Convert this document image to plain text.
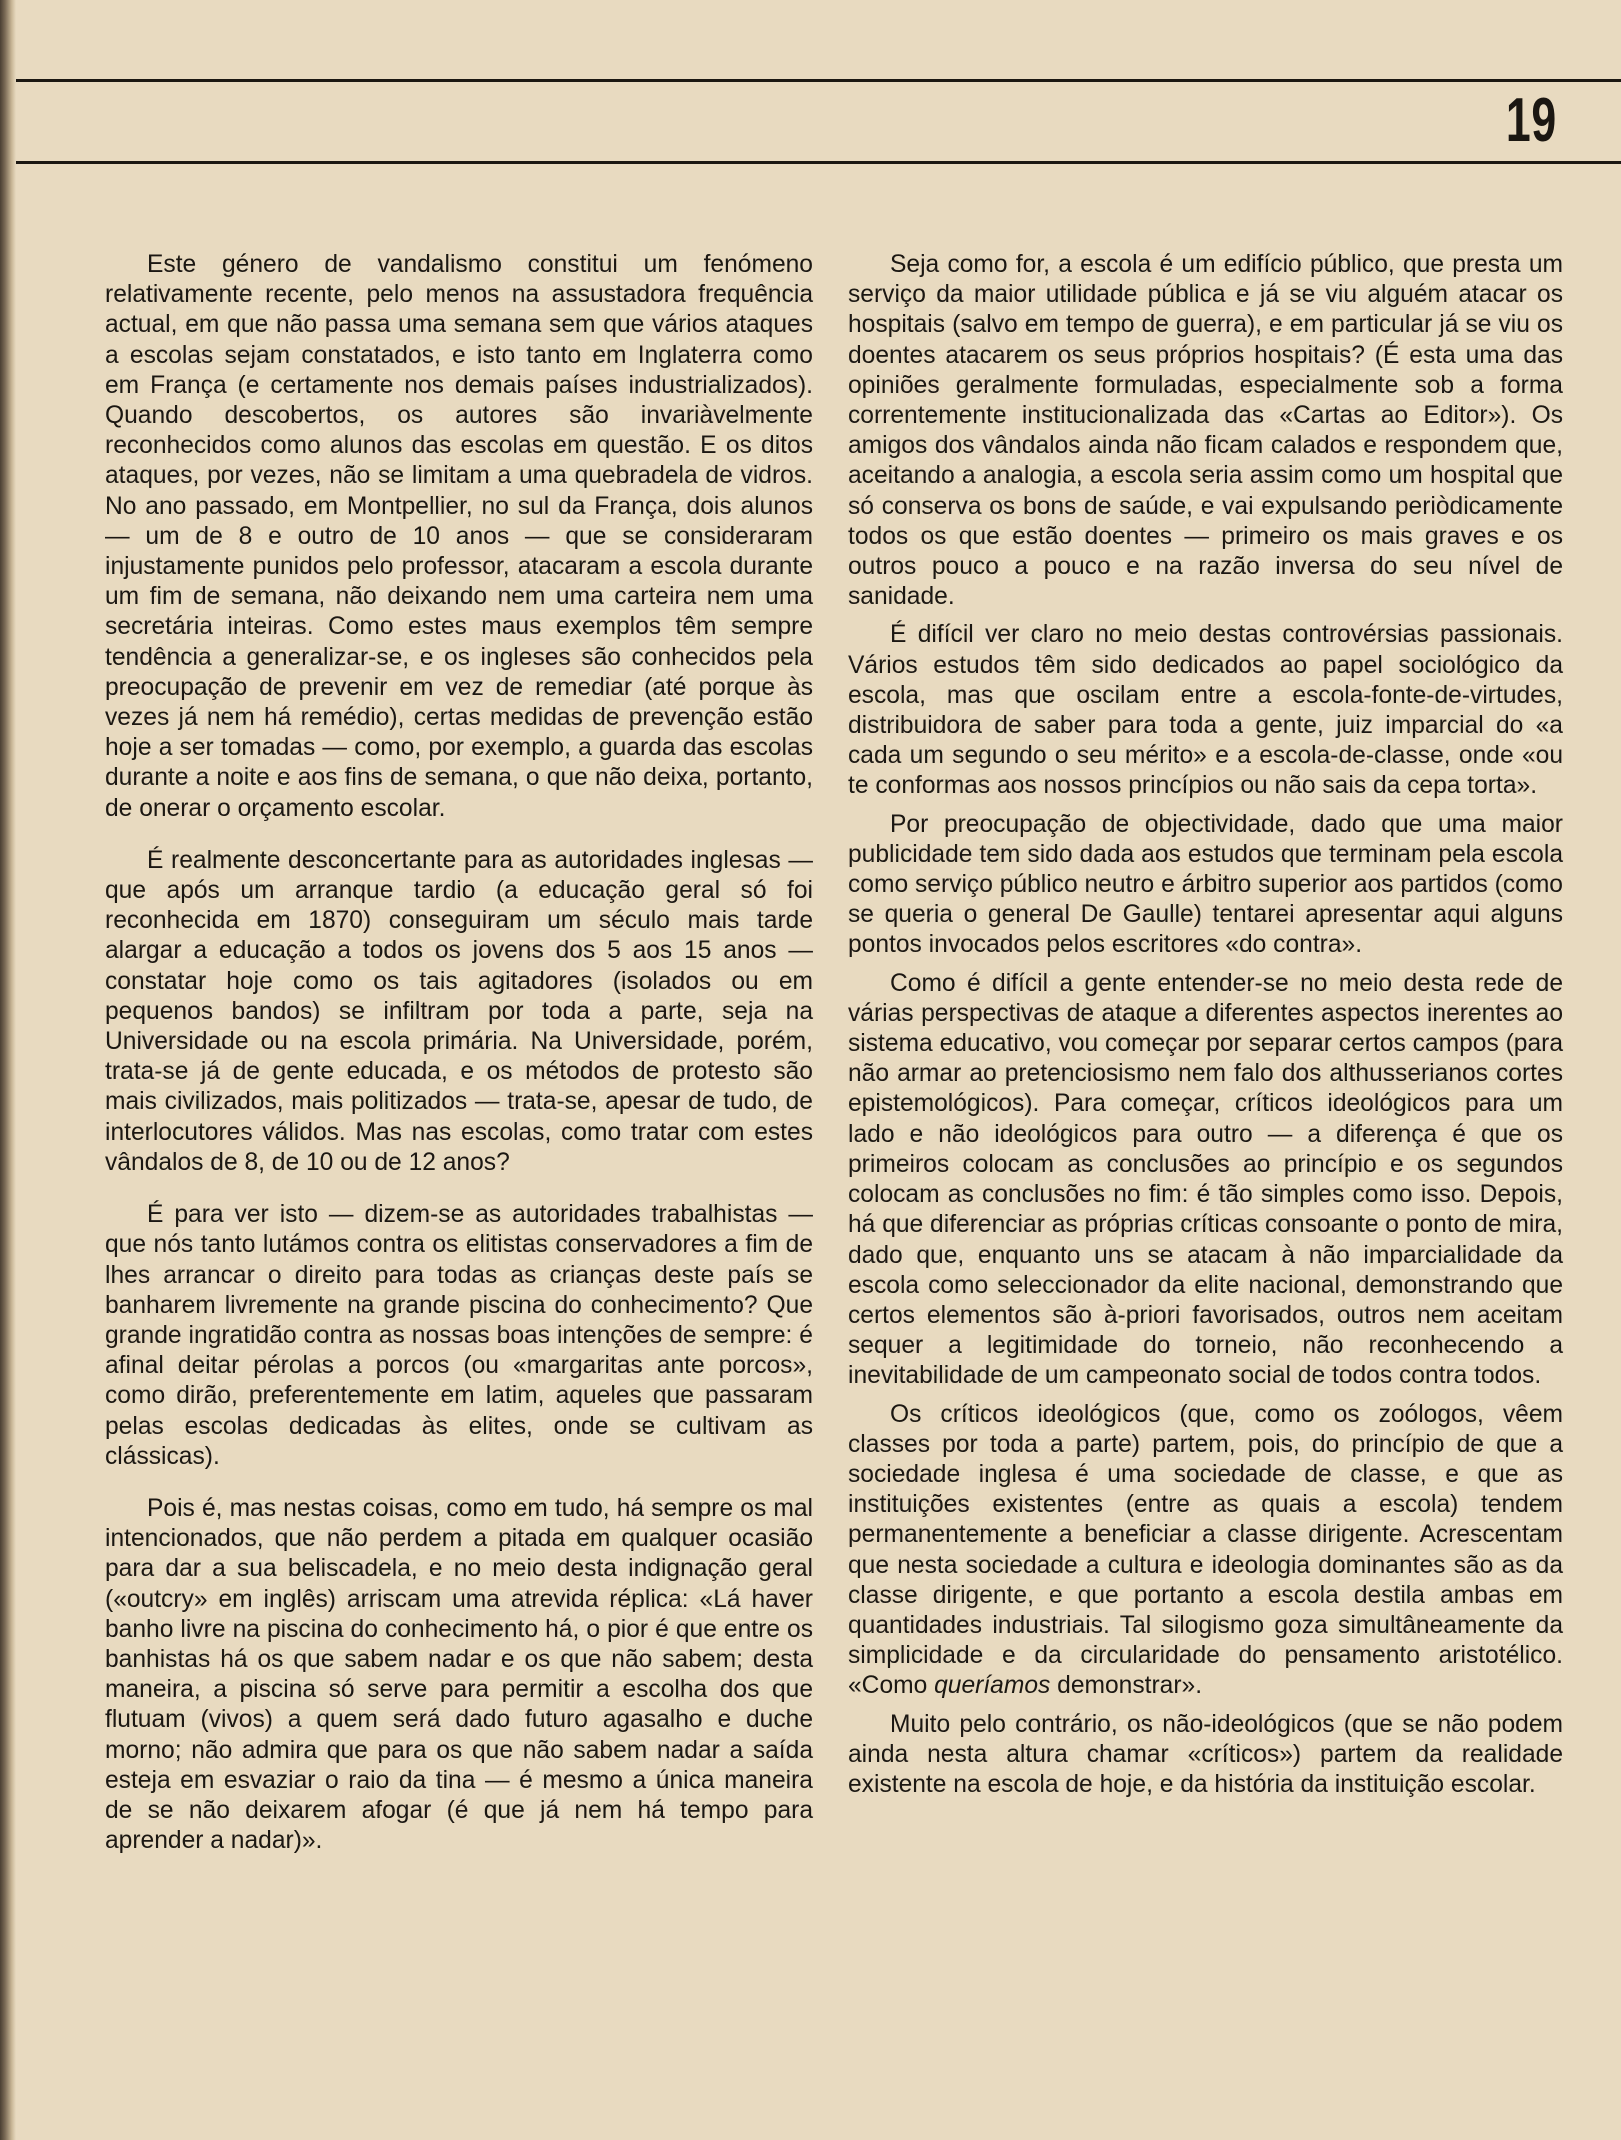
19

Este género de vandalismo constitui um fenómeno relativamente recente, pelo menos na assustadora frequência actual, em que não passa uma semana sem que vários ataques a escolas sejam constatados, e isto tanto em Inglaterra como em França (e certamente nos demais países industrializados). Quando descobertos, os autores são invariàvelmente reconhecidos como alunos das escolas em questão. E os ditos ataques, por vezes, não se limitam a uma quebradela de vidros. No ano passado, em Montpellier, no sul da França, dois alunos — um de 8 e outro de 10 anos — que se consideraram injustamente punidos pelo professor, atacaram a escola durante um fim de semana, não deixando nem uma carteira nem uma secretária inteiras. Como estes maus exemplos têm sempre tendência a generalizar-se, e os ingleses são conhecidos pela preocupação de prevenir em vez de remediar (até porque às vezes já nem há remédio), certas medidas de prevenção estão hoje a ser tomadas — como, por exemplo, a guarda das escolas durante a noite e aos fins de semana, o que não deixa, portanto, de onerar o orçamento escolar.

É realmente desconcertante para as autoridades inglesas — que após um arranque tardio (a educação geral só foi reconhecida em 1870) conseguiram um século mais tarde alargar a educação a todos os jovens dos 5 aos 15 anos — constatar hoje como os tais agitadores (isolados ou em pequenos bandos) se infiltram por toda a parte, seja na Universidade ou na escola primária. Na Universidade, porém, trata-se já de gente educada, e os métodos de protesto são mais civilizados, mais politizados — trata-se, apesar de tudo, de interlocutores válidos. Mas nas escolas, como tratar com estes vândalos de 8, de 10 ou de 12 anos?

É para ver isto — dizem-se as autoridades trabalhistas — que nós tanto lutámos contra os elitistas conservadores a fim de lhes arrancar o direito para todas as crianças deste país se banharem livremente na grande piscina do conhecimento? Que grande ingratidão contra as nossas boas intenções de sempre: é afinal deitar pérolas a porcos (ou «margaritas ante porcos», como dirão, preferentemente em latim, aqueles que passaram pelas escolas dedicadas às elites, onde se cultivam as clássicas).

Pois é, mas nestas coisas, como em tudo, há sempre os mal intencionados, que não perdem a pitada em qualquer ocasião para dar a sua beliscadela, e no meio desta indignação geral («outcry» em inglês) arriscam uma atrevida réplica: «Lá haver banho livre na piscina do conhecimento há, o pior é que entre os banhistas há os que sabem nadar e os que não sabem; desta maneira, a piscina só serve para permitir a escolha dos que flutuam (vivos) a quem será dado futuro agasalho e duche morno; não admira que para os que não sabem nadar a saída esteja em esvaziar o raio da tina — é mesmo a única maneira de se não deixarem afogar (é que já nem há tempo para aprender a nadar)».

Seja como for, a escola é um edifício público, que presta um serviço da maior utilidade pública e já se viu alguém atacar os hospitais (salvo em tempo de guerra), e em particular já se viu os doentes atacarem os seus próprios hospitais? (É esta uma das opiniões geralmente formuladas, especialmente sob a forma correntemente institucionalizada das «Cartas ao Editor»). Os amigos dos vândalos ainda não ficam calados e respondem que, aceitando a analogia, a escola seria assim como um hospital que só conserva os bons de saúde, e vai expulsando periòdicamente todos os que estão doentes — primeiro os mais graves e os outros pouco a pouco e na razão inversa do seu nível de sanidade.

É difícil ver claro no meio destas controvérsias passionais. Vários estudos têm sido dedicados ao papel sociológico da escola, mas que oscilam entre a escola-fonte-de-virtudes, distribuidora de saber para toda a gente, juiz imparcial do «a cada um segundo o seu mérito» e a escola-de-classe, onde «ou te conformas aos nossos princípios ou não sais da cepa torta».

Por preocupação de objectividade, dado que uma maior publicidade tem sido dada aos estudos que terminam pela escola como serviço público neutro e árbitro superior aos partidos (como se queria o general De Gaulle) tentarei apresentar aqui alguns pontos invocados pelos escritores «do contra».

Como é difícil a gente entender-se no meio desta rede de várias perspectivas de ataque a diferentes aspectos inerentes ao sistema educativo, vou começar por separar certos campos (para não armar ao pretenciosismo nem falo dos althusserianos cortes epistemológicos). Para começar, críticos ideológicos para um lado e não ideológicos para outro — a diferença é que os primeiros colocam as conclusões ao princípio e os segundos colocam as conclusões no fim: é tão simples como isso. Depois, há que diferenciar as próprias críticas consoante o ponto de mira, dado que, enquanto uns se atacam à não imparcialidade da escola como seleccionador da elite nacional, demonstrando que certos elementos são à-priori favorisados, outros nem aceitam sequer a legitimidade do torneio, não reconhecendo a inevitabilidade de um campeonato social de todos contra todos.

Os críticos ideológicos (que, como os zoólogos, vêem classes por toda a parte) partem, pois, do princípio de que a sociedade inglesa é uma sociedade de classe, e que as instituições existentes (entre as quais a escola) tendem permanentemente a beneficiar a classe dirigente. Acrescentam que nesta sociedade a cultura e ideologia dominantes são as da classe dirigente, e que portanto a escola destila ambas em quantidades industriais. Tal silogismo goza simultâneamente da simplicidade e da circularidade do pensamento aristotélico. «Como queríamos demonstrar».

Muito pelo contrário, os não-ideológicos (que se não podem ainda nesta altura chamar «críticos») partem da realidade existente na escola de hoje, e da história da instituição escolar.
